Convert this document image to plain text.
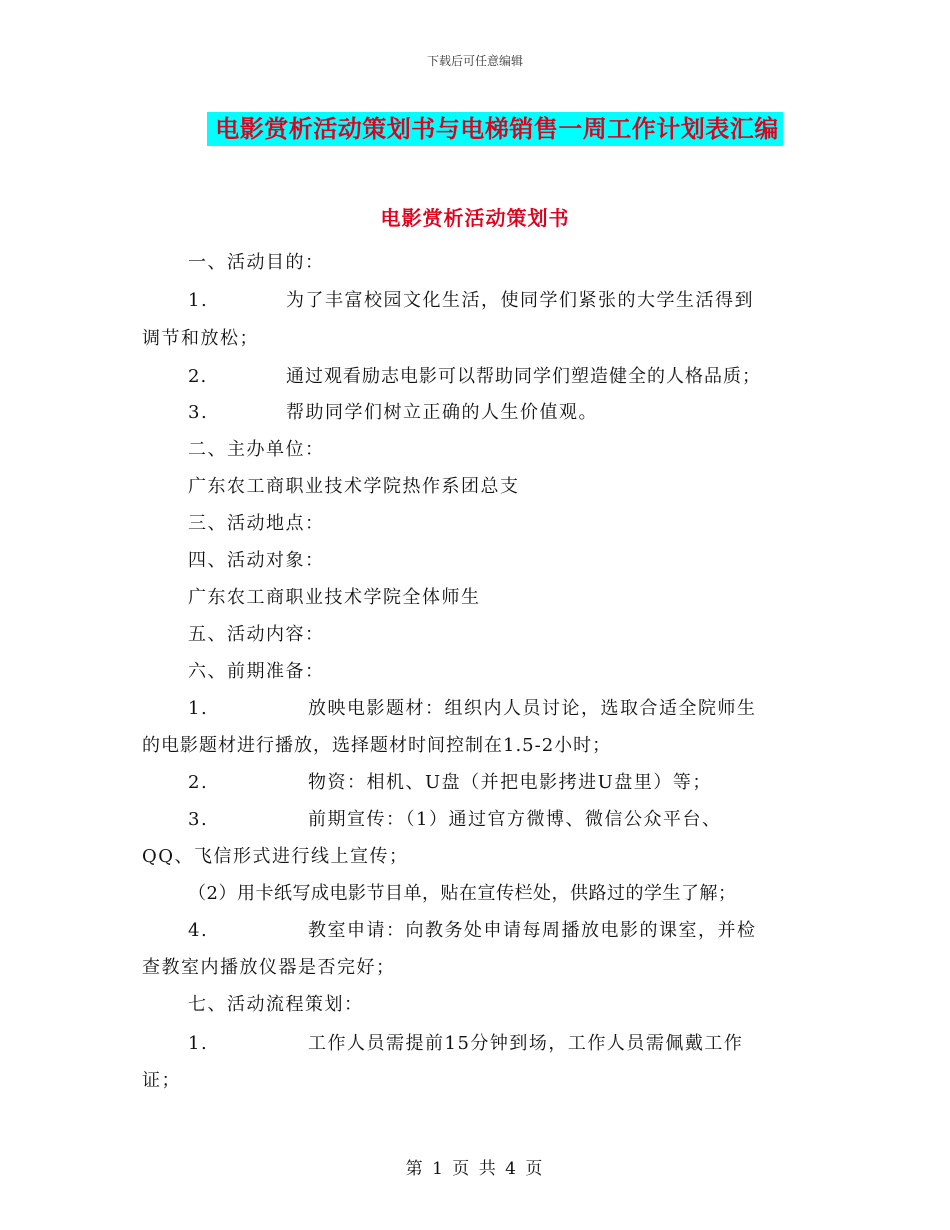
下载后可任意编辑
电影赏析活动策划书与电梯销售一周工作计划表汇编
电影赏析活动策划书
一、活动目的：
1.	为了丰富校园文化生活，使同学们紧张的大学生活得到
调节和放松；
2.	通过观看励志电影可以帮助同学们塑造健全的人格品质；
3.	帮助同学们树立正确的人生价值观。
二、主办单位：
广东农工商职业技术学院热作系团总支
三、活动地点：
四、活动对象：
广东农工商职业技术学院全体师生
五、活动内容：
六、前期准备：
1.	放映电影题材：组织内人员讨论，选取合适全院师生
的电影题材进行播放，选择题材时间控制在1.5-2小时；
2.	物资：相机、U盘（并把电影拷进U盘里）等；
3.	前期宣传：（1）通过官方微博、微信公众平台、
QQ、飞信形式进行线上宣传；
（2）用卡纸写成电影节目单，贴在宣传栏处，供路过的学生了解；
4.	教室申请：向教务处申请每周播放电影的课室，并检
查教室内播放仪器是否完好；
七、活动流程策划：
1.	工作人员需提前15分钟到场，工作人员需佩戴工作
证；
第 1 页 共 4 页
